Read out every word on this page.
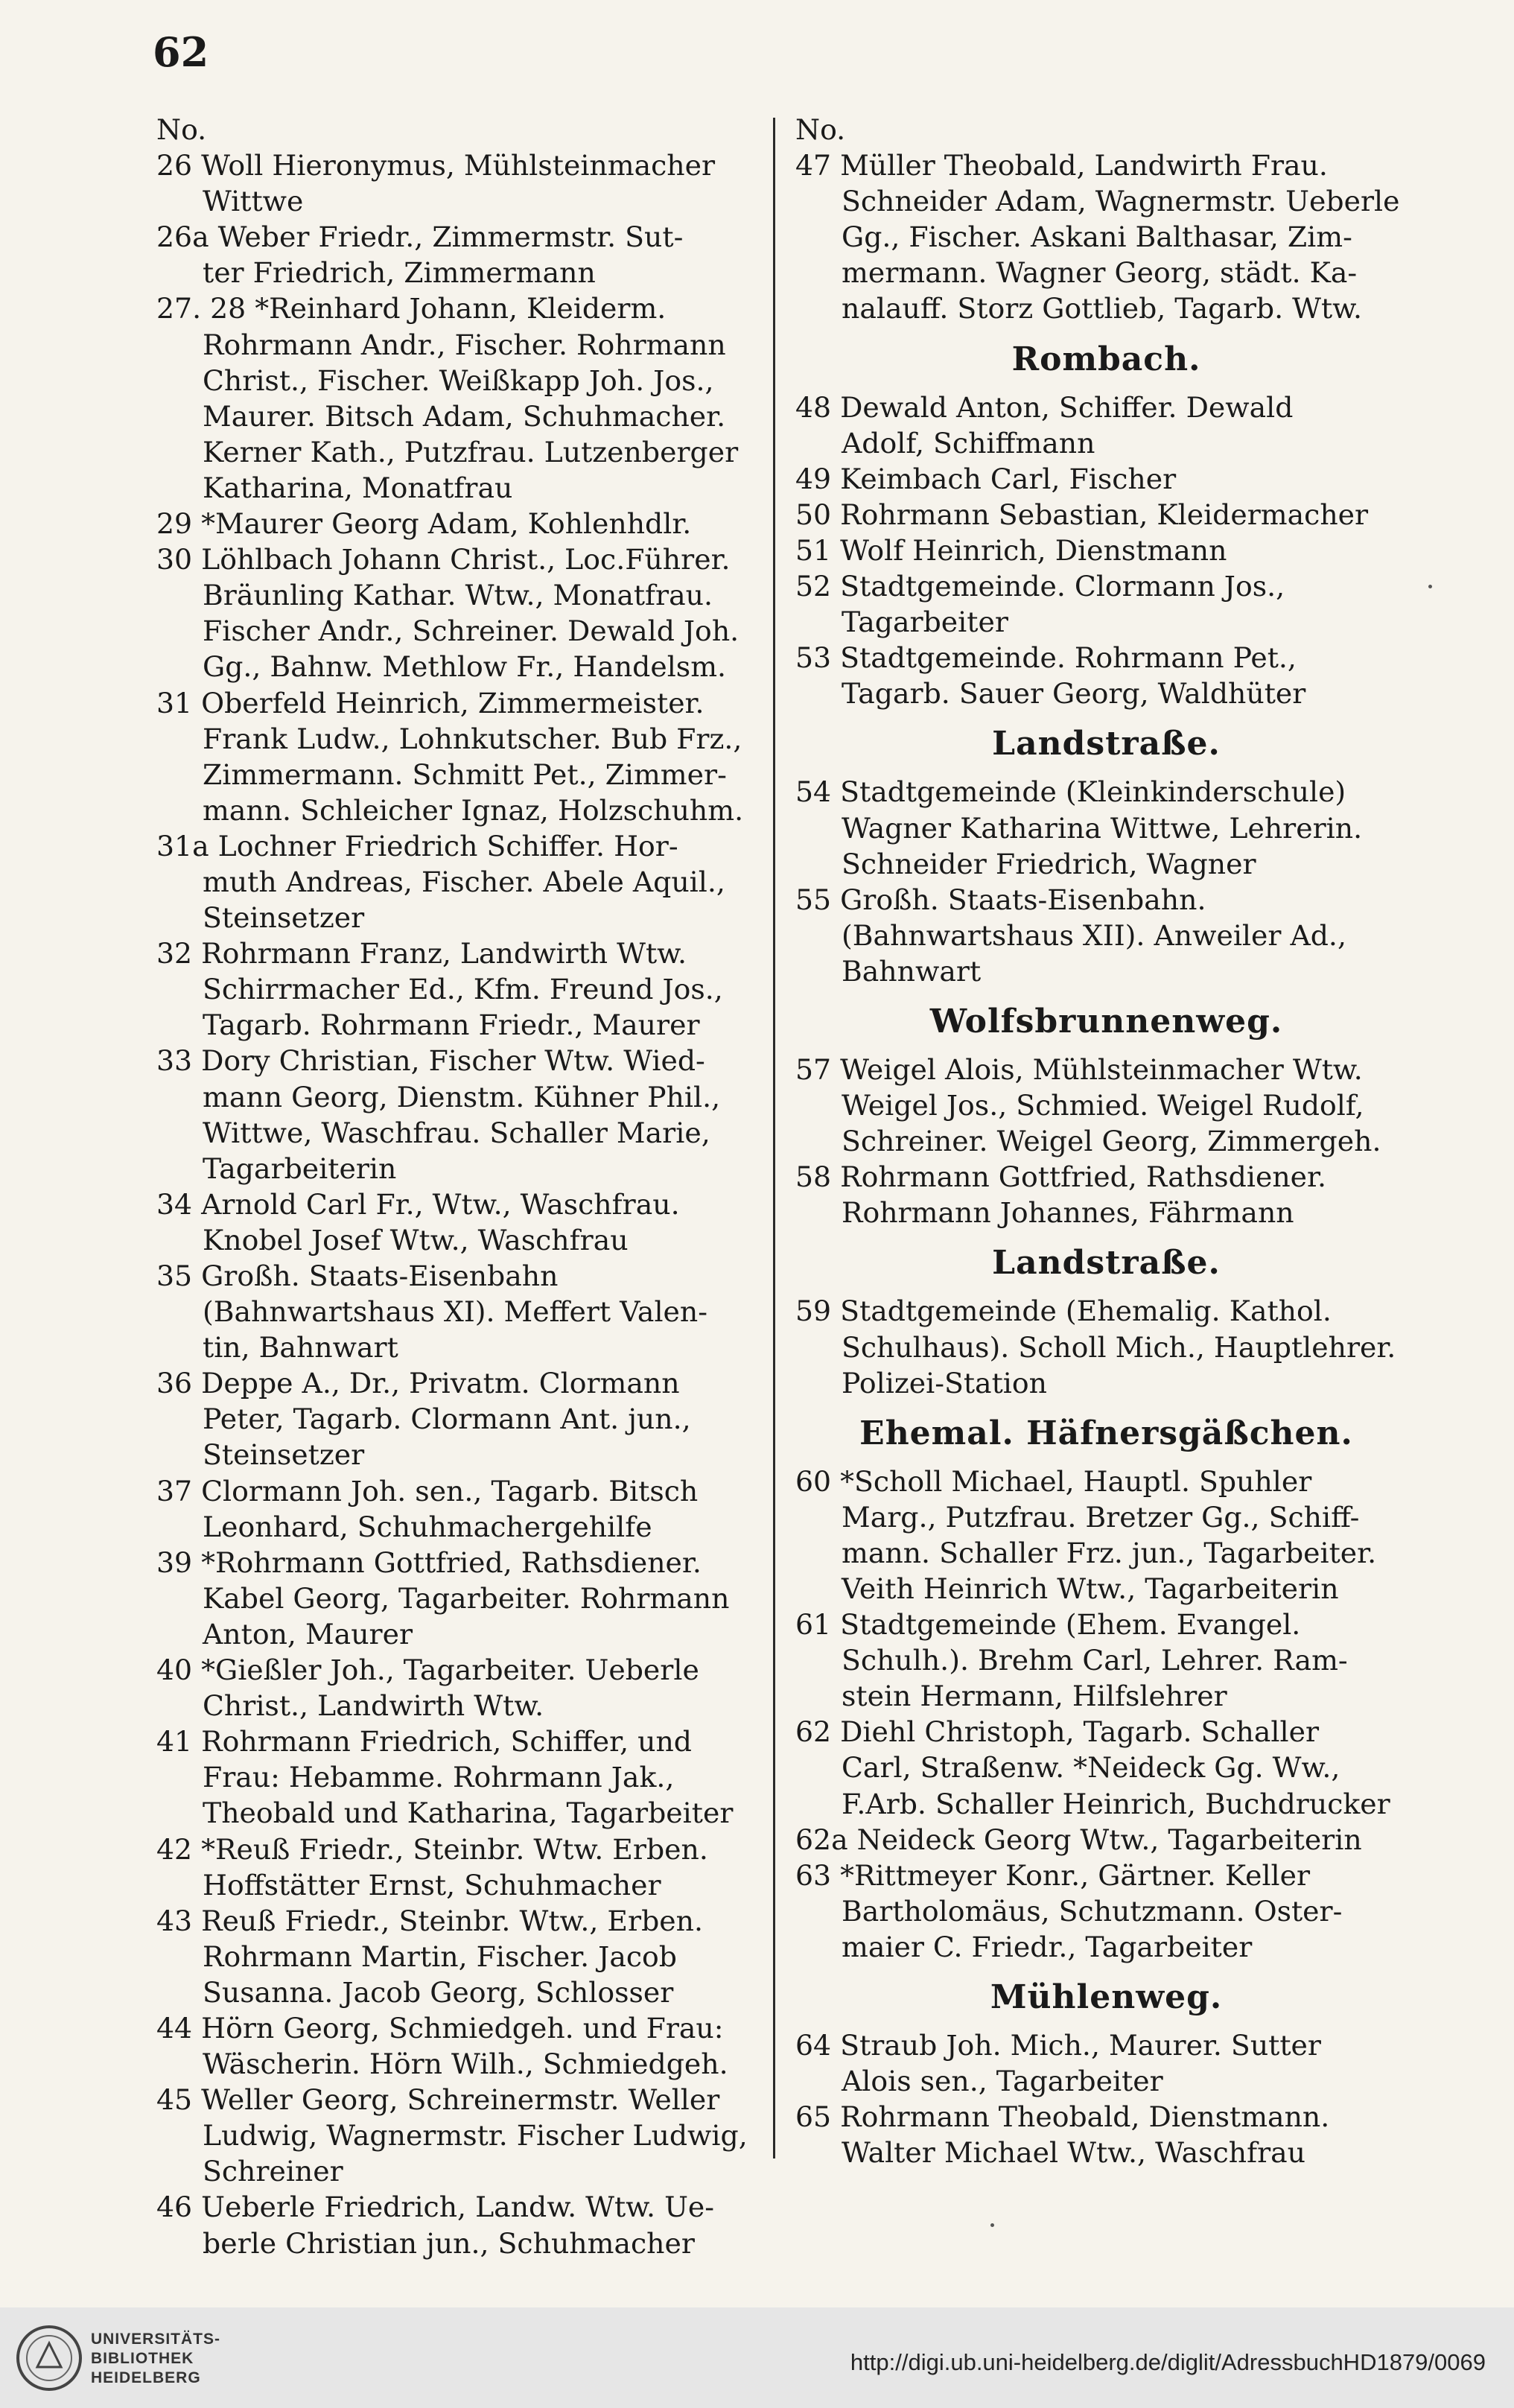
62
No.
26 Woll Hieronymus, Mühlsteinmacher
Wittwe
26a Weber Friedr., Zimmermstr. Sut-
ter Friedrich, Zimmermann
27. 28 *Reinhard Johann, Kleiderm.
Rohrmann Andr., Fischer. Rohrmann
Christ., Fischer. Weißkapp Joh. Jos.,
Maurer. Bitsch Adam, Schuhmacher.
Kerner Kath., Putzfrau. Lutzenberger
Katharina, Monatfrau
29 *Maurer Georg Adam, Kohlenhdlr.
30 Löhlbach Johann Christ., Loc.Führer.
Bräunling Kathar. Wtw., Monatfrau.
Fischer Andr., Schreiner. Dewald Joh.
Gg., Bahnw. Methlow Fr., Handelsm.
31 Oberfeld Heinrich, Zimmermeister.
Frank Ludw., Lohnkutscher. Bub Frz.,
Zimmermann. Schmitt Pet., Zimmer-
mann. Schleicher Ignaz, Holzschuhm.
31a Lochner Friedrich Schiffer. Hor-
muth Andreas, Fischer. Abele Aquil.,
Steinsetzer
32 Rohrmann Franz, Landwirth Wtw.
Schirrmacher Ed., Kfm. Freund Jos.,
Tagarb. Rohrmann Friedr., Maurer
33 Dory Christian, Fischer Wtw. Wied-
mann Georg, Dienstm. Kühner Phil.,
Wittwe, Waschfrau. Schaller Marie,
Tagarbeiterin
34 Arnold Carl Fr., Wtw., Waschfrau.
Knobel Josef Wtw., Waschfrau
35 Großh. Staats-Eisenbahn
(Bahnwartshaus XI). Meffert Valen-
tin, Bahnwart
36 Deppe A., Dr., Privatm. Clormann
Peter, Tagarb. Clormann Ant. jun.,
Steinsetzer
37 Clormann Joh. sen., Tagarb. Bitsch
Leonhard, Schuhmachergehilfe
39 *Rohrmann Gottfried, Rathsdiener.
Kabel Georg, Tagarbeiter. Rohrmann
Anton, Maurer
40 *Gießler Joh., Tagarbeiter. Ueberle
Christ., Landwirth Wtw.
41 Rohrmann Friedrich, Schiffer, und
Frau: Hebamme. Rohrmann Jak.,
Theobald und Katharina, Tagarbeiter
42 *Reuß Friedr., Steinbr. Wtw. Erben.
Hoffstätter Ernst, Schuhmacher
43 Reuß Friedr., Steinbr. Wtw., Erben.
Rohrmann Martin, Fischer. Jacob
Susanna. Jacob Georg, Schlosser
44 Hörn Georg, Schmiedgeh. und Frau:
Wäscherin. Hörn Wilh., Schmiedgeh.
45 Weller Georg, Schreinermstr. Weller
Ludwig, Wagnermstr. Fischer Ludwig,
Schreiner
46 Ueberle Friedrich, Landw. Wtw. Ue-
berle Christian jun., Schuhmacher
No.
47 Müller Theobald, Landwirth Frau.
Schneider Adam, Wagnermstr. Ueberle
Gg., Fischer. Askani Balthasar, Zim-
mermann. Wagner Georg, städt. Ka-
nalauff. Storz Gottlieb, Tagarb. Wtw.
Rombach.
48 Dewald Anton, Schiffer. Dewald
Adolf, Schiffmann
49 Keimbach Carl, Fischer
50 Rohrmann Sebastian, Kleidermacher
51 Wolf Heinrich, Dienstmann
52 Stadtgemeinde. Clormann Jos.,
Tagarbeiter
53 Stadtgemeinde. Rohrmann Pet.,
Tagarb. Sauer Georg, Waldhüter
Landstraße.
54 Stadtgemeinde (Kleinkinderschule)
Wagner Katharina Wittwe, Lehrerin.
Schneider Friedrich, Wagner
55 Großh. Staats-Eisenbahn.
(Bahnwartshaus XII). Anweiler Ad.,
Bahnwart
Wolfsbrunnenweg.
57 Weigel Alois, Mühlsteinmacher Wtw.
Weigel Jos., Schmied. Weigel Rudolf,
Schreiner. Weigel Georg, Zimmergeh.
58 Rohrmann Gottfried, Rathsdiener.
Rohrmann Johannes, Fährmann
Landstraße.
59 Stadtgemeinde (Ehemalig. Kathol.
Schulhaus). Scholl Mich., Hauptlehrer.
Polizei-Station
Ehemal. Häfnersgäßchen.
60 *Scholl Michael, Hauptl. Spuhler
Marg., Putzfrau. Bretzer Gg., Schiff-
mann. Schaller Frz. jun., Tagarbeiter.
Veith Heinrich Wtw., Tagarbeiterin
61 Stadtgemeinde (Ehem. Evangel.
Schulh.). Brehm Carl, Lehrer. Ram-
stein Hermann, Hilfslehrer
62 Diehl Christoph, Tagarb. Schaller
Carl, Straßenw. *Neideck Gg. Ww.,
F.Arb. Schaller Heinrich, Buchdrucker
62a Neideck Georg Wtw., Tagarbeiterin
63 *Rittmeyer Konr., Gärtner. Keller
Bartholomäus, Schutzmann. Oster-
maier C. Friedr., Tagarbeiter
Mühlenweg.
64 Straub Joh. Mich., Maurer. Sutter
Alois sen., Tagarbeiter
65 Rohrmann Theobald, Dienstmann.
Walter Michael Wtw., Waschfrau
UNIVERSITÄTS-
BIBLIOTHEK
HEIDELBERG
http://digi.ub.uni-heidelberg.de/diglit/AdressbuchHD1879/0069
